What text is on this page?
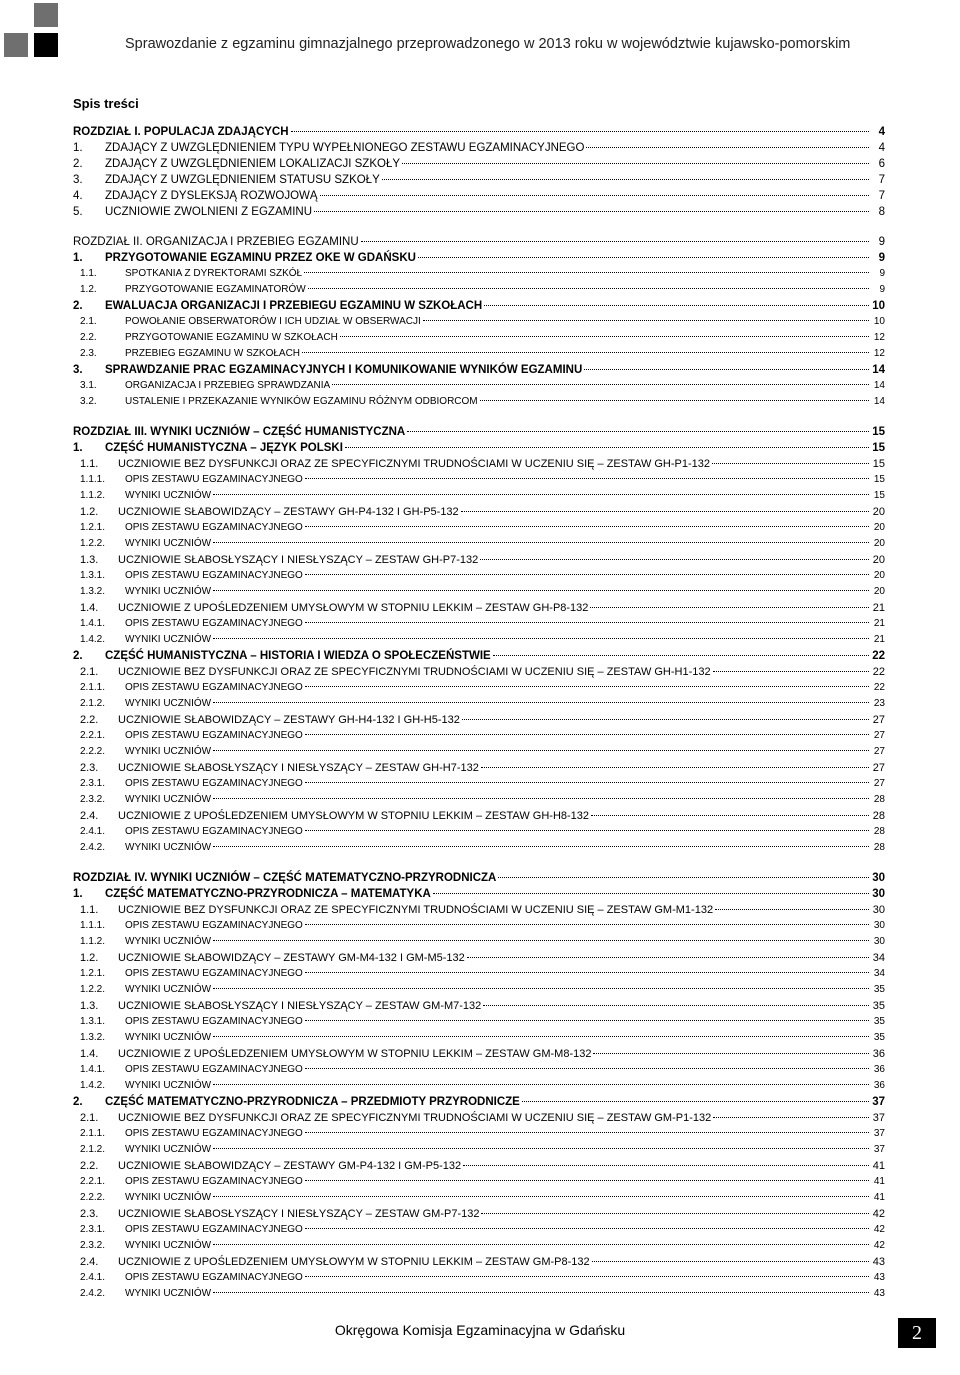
Sprawozdanie z egzaminu gimnazjalnego przeprowadzonego w 2013 roku w województwie kujawsko-pomorskim
Spis treści
ROZDZIAŁ I. POPULACJA ZDAJĄCYCH	4
1.	ZDAJĄCY Z UWZGLĘDNIENIEM TYPU WYPEŁNIONEGO ZESTAWU EGZAMINACYJNEGO	4
2.	ZDAJĄCY Z UWZGLĘDNIENIEM LOKALIZACJI SZKOŁY	6
3.	ZDAJĄCY Z UWZGLĘDNIENIEM STATUSU SZKOŁY	7
4.	ZDAJĄCY Z DYSLEKSJĄ ROZWOJOWĄ	7
5.	UCZNIOWIE ZWOLNIENI Z EGZAMINU	8
ROZDZIAŁ II. ORGANIZACJA I PRZEBIEG EGZAMINU	9
1.	PRZYGOTOWANIE EGZAMINU PRZEZ OKE W GDAŃSKU	9
1.1.	SPOTKANIA Z DYREKTORAMI SZKÓŁ	9
1.2.	PRZYGOTOWANIE EGZAMINATORÓW	9
2.	EWALUACJA ORGANIZACJI I PRZEBIEGU EGZAMINU W SZKOŁACH	10
2.1.	POWOŁANIE OBSERWATORÓW I ICH UDZIAŁ W OBSERWACJI	10
2.2.	PRZYGOTOWANIE EGZAMINU W SZKOŁACH	12
2.3.	PRZEBIEG EGZAMINU W SZKOŁACH	12
3.	SPRAWDZANIE PRAC EGZAMINACYJNYCH I KOMUNIKOWANIE WYNIKÓW EGZAMINU	14
3.1.	ORGANIZACJA I PRZEBIEG SPRAWDZANIA	14
3.2.	USTALENIE I PRZEKAZANIE WYNIKÓW EGZAMINU RÓŻNYM ODBIORCOM	14
ROZDZIAŁ III. WYNIKI UCZNIÓW – CZĘŚĆ HUMANISTYCZNA	15
1.	CZĘŚĆ HUMANISTYCZNA – JĘZYK POLSKI	15
1.1.	UCZNIOWIE BEZ DYSFUNKCJI ORAZ ZE SPECYFICZNYMI TRUDNOŚCIAMI W UCZENIU SIĘ – ZESTAW GH-P1-132	15
1.1.1.	OPIS ZESTAWU EGZAMINACYJNEGO	15
1.1.2.	WYNIKI UCZNIÓW	15
1.2.	UCZNIOWIE SŁABOWIDZĄCY – ZESTAWY GH-P4-132 I GH-P5-132	20
1.2.1.	OPIS ZESTAWU EGZAMINACYJNEGO	20
1.2.2.	WYNIKI UCZNIÓW	20
1.3.	UCZNIOWIE SŁABOSŁYSZĄCY I NIESŁYSZĄCY – ZESTAW GH-P7-132	20
1.3.1.	OPIS ZESTAWU EGZAMINACYJNEGO	20
1.3.2.	WYNIKI UCZNIÓW	20
1.4.	UCZNIOWIE Z UPOŚLEDZENIEM UMYSŁOWYM W STOPNIU LEKKIM – ZESTAW GH-P8-132	21
1.4.1.	OPIS ZESTAWU EGZAMINACYJNEGO	21
1.4.2.	WYNIKI UCZNIÓW	21
2.	CZĘŚĆ HUMANISTYCZNA – HISTORIA I WIEDZA O SPOŁECZEŃSTWIE	22
2.1.	UCZNIOWIE BEZ DYSFUNKCJI ORAZ ZE SPECYFICZNYMI TRUDNOŚCIAMI W UCZENIU SIĘ – ZESTAW GH-H1-132	22
2.1.1.	OPIS ZESTAWU EGZAMINACYJNEGO	22
2.1.2.	WYNIKI UCZNIÓW	23
2.2.	UCZNIOWIE SŁABOWIDZĄCY – ZESTAWY GH-H4-132 I GH-H5-132	27
2.2.1.	OPIS ZESTAWU EGZAMINACYJNEGO	27
2.2.2.	WYNIKI UCZNIÓW	27
2.3.	UCZNIOWIE SŁABOSŁYSZĄCY I NIESŁYSZĄCY – ZESTAW GH-H7-132	27
2.3.1.	OPIS ZESTAWU EGZAMINACYJNEGO	27
2.3.2.	WYNIKI UCZNIÓW	28
2.4.	UCZNIOWIE Z UPOŚLEDZENIEM UMYSŁOWYM W STOPNIU LEKKIM – ZESTAW GH-H8-132	28
2.4.1.	OPIS ZESTAWU EGZAMINACYJNEGO	28
2.4.2.	WYNIKI UCZNIÓW	28
ROZDZIAŁ IV. WYNIKI UCZNIÓW – CZĘŚĆ MATEMATYCZNO-PRZYRODNICZA	30
1.	CZĘŚĆ MATEMATYCZNO-PRZYRODNICZA – MATEMATYKA	30
1.1.	UCZNIOWIE BEZ DYSFUNKCJI ORAZ ZE SPECYFICZNYMI TRUDNOŚCIAMI W UCZENIU SIĘ – ZESTAW GM-M1-132	30
1.1.1.	OPIS ZESTAWU EGZAMINACYJNEGO	30
1.1.2.	WYNIKI UCZNIÓW	30
1.2.	UCZNIOWIE SŁABOWIDZĄCY – ZESTAWY GM-M4-132 I GM-M5-132	34
1.2.1.	OPIS ZESTAWU EGZAMINACYJNEGO	34
1.2.2.	WYNIKI UCZNIÓW	35
1.3.	UCZNIOWIE SŁABOSŁYSZĄCY I NIESŁYSZĄCY – ZESTAW GM-M7-132	35
1.3.1.	OPIS ZESTAWU EGZAMINACYJNEGO	35
1.3.2.	WYNIKI UCZNIÓW	35
1.4.	UCZNIOWIE Z UPOŚLEDZENIEM UMYSŁOWYM W STOPNIU LEKKIM – ZESTAW GM-M8-132	36
1.4.1.	OPIS ZESTAWU EGZAMINACYJNEGO	36
1.4.2.	WYNIKI UCZNIÓW	36
2.	CZĘŚĆ MATEMATYCZNO-PRZYRODNICZA – PRZEDMIOTY PRZYRODNICZE	37
2.1.	UCZNIOWIE BEZ DYSFUNKCJI ORAZ ZE SPECYFICZNYMI TRUDNOŚCIAMI W UCZENIU SIĘ – ZESTAW GM-P1-132	37
2.1.1.	OPIS ZESTAWU EGZAMINACYJNEGO	37
2.1.2.	WYNIKI UCZNIÓW	37
2.2.	UCZNIOWIE SŁABOWIDZĄCY – ZESTAWY GM-P4-132 I GM-P5-132	41
2.2.1.	OPIS ZESTAWU EGZAMINACYJNEGO	41
2.2.2.	WYNIKI UCZNIÓW	41
2.3.	UCZNIOWIE SŁABOSŁYSZĄCY I NIESŁYSZĄCY – ZESTAW GM-P7-132	42
2.3.1.	OPIS ZESTAWU EGZAMINACYJNEGO	42
2.3.2.	WYNIKI UCZNIÓW	42
2.4.	UCZNIOWIE Z UPOŚLEDZENIEM UMYSŁOWYM W STOPNIU LEKKIM – ZESTAW GM-P8-132	43
2.4.1.	OPIS ZESTAWU EGZAMINACYJNEGO	43
2.4.2.	WYNIKI UCZNIÓW	43
Okręgowa Komisja Egzaminacyjna w Gdańsku	2
